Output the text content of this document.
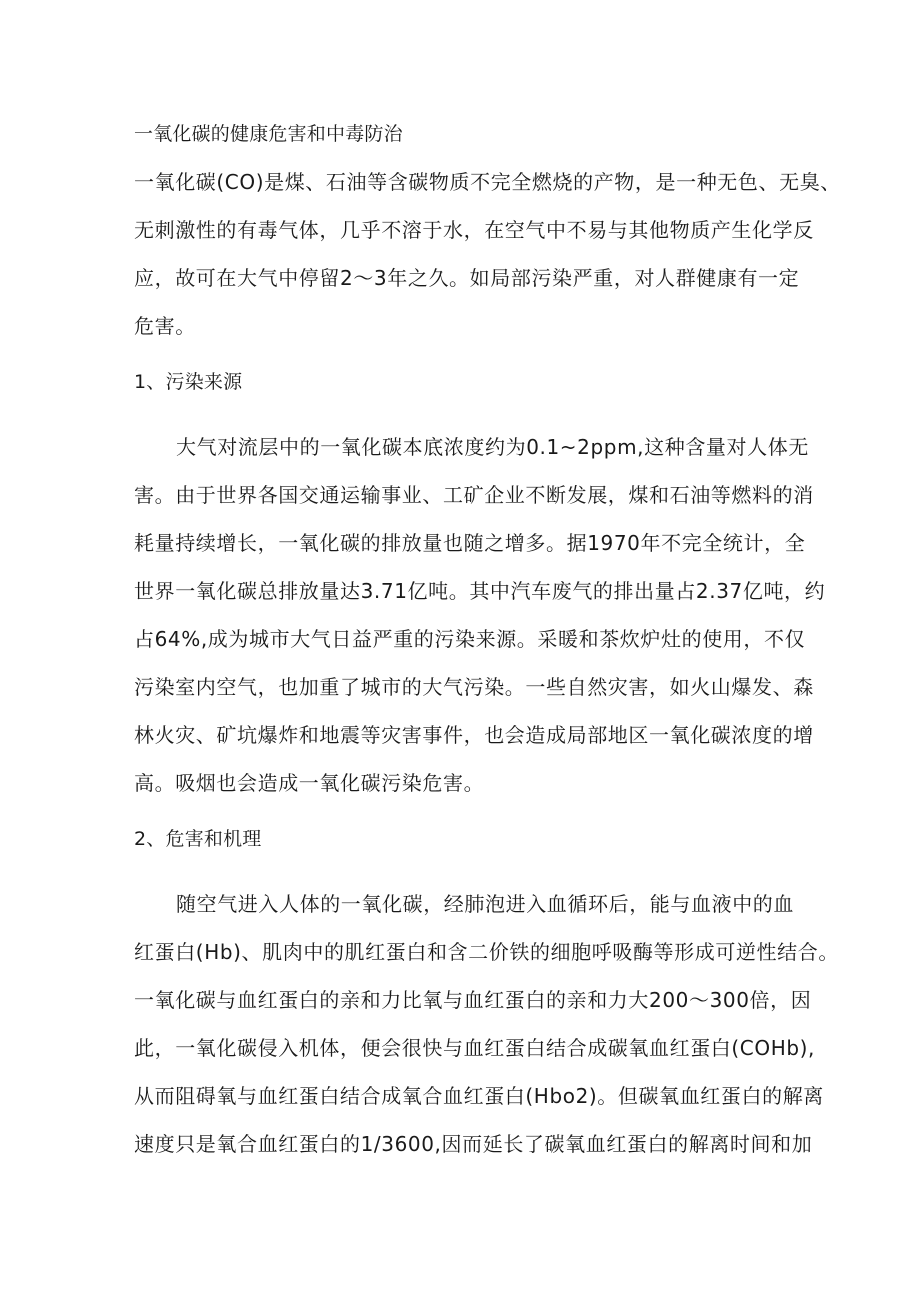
一氧化碳的健康危害和中毒防治
一氧化碳(CO)是煤、石油等含碳物质不完全燃烧的产物，是一种无色、无臭、
无刺激性的有毒气体，几乎不溶于水，在空气中不易与其他物质产生化学反
应，故可在大气中停留2～3年之久。如局部污染严重，对人群健康有一定
危害。
1、污染来源
大气对流层中的一氧化碳本底浓度约为0.1~2ppm,这种含量对人体无
害。由于世界各国交通运输事业、工矿企业不断发展，煤和石油等燃料的消
耗量持续增长，一氧化碳的排放量也随之增多。据1970年不完全统计，全
世界一氧化碳总排放量达3.71亿吨。其中汽车废气的排出量占2.37亿吨，约
占64%,成为城市大气日益严重的污染来源。采暖和茶炊炉灶的使用，不仅
污染室内空气，也加重了城市的大气污染。一些自然灾害，如火山爆发、森
林火灾、矿坑爆炸和地震等灾害事件，也会造成局部地区一氧化碳浓度的增
高。吸烟也会造成一氧化碳污染危害。
2、危害和机理
随空气进入人体的一氧化碳，经肺泡进入血循环后，能与血液中的血
红蛋白(Hb)、肌肉中的肌红蛋白和含二价铁的细胞呼吸酶等形成可逆性结合。
一氧化碳与血红蛋白的亲和力比氧与血红蛋白的亲和力大200～300倍，因
此，一氧化碳侵入机体，便会很快与血红蛋白结合成碳氧血红蛋白(COHb),
从而阻碍氧与血红蛋白结合成氧合血红蛋白(Hbo2)。但碳氧血红蛋白的解离
速度只是氧合血红蛋白的1/3600,因而延长了碳氧血红蛋白的解离时间和加
